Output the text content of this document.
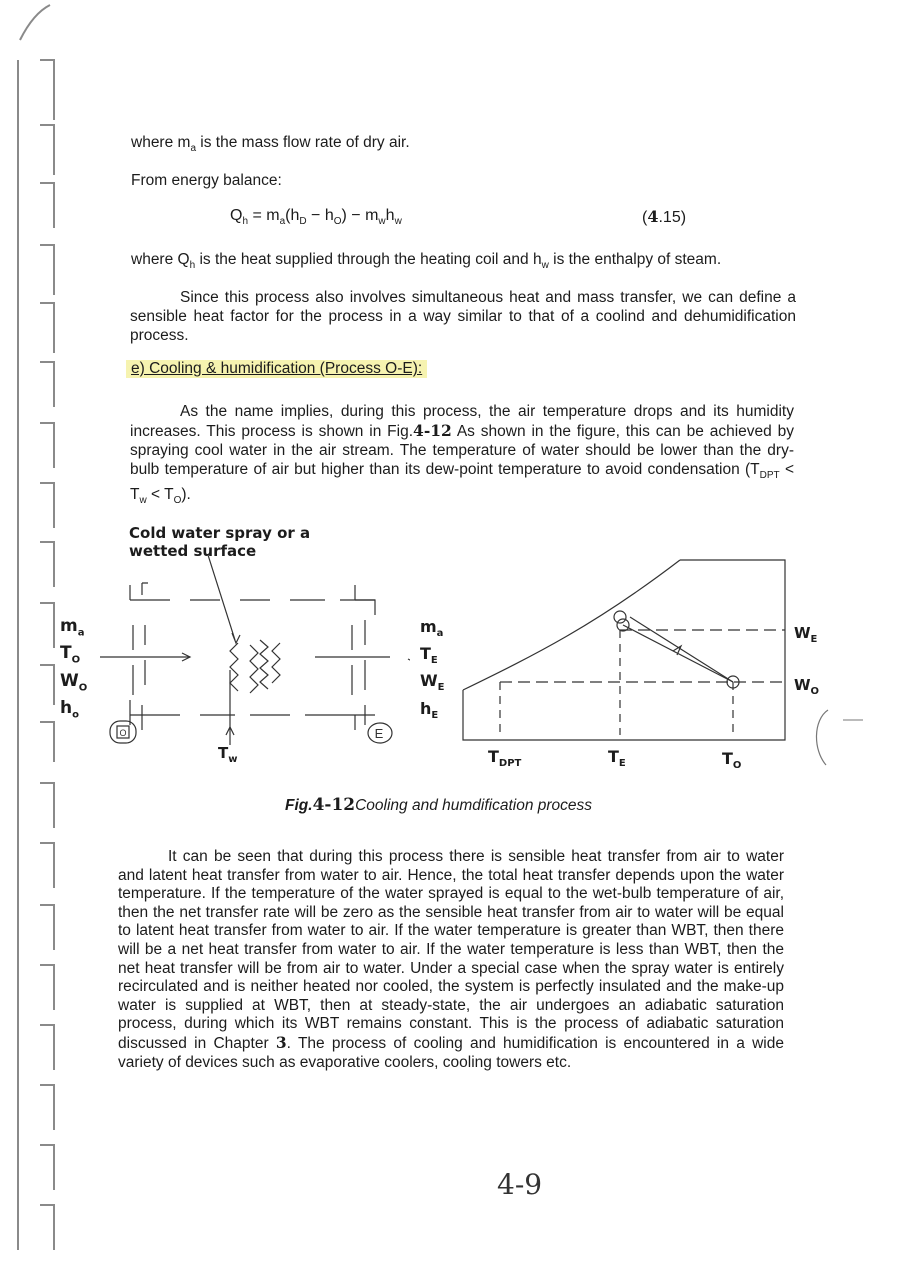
where $m_a$ is the mass flow rate of dry air.

From energy balance:

$Q_h = m_a(h_D - h_O) - m_wh_w$	(4.15)

where $Q_h$ is the heat supplied through the heating coil and $h_w$ is the enthalpy of steam.

Since this process also involves simultaneous heat and mass transfer, we can define a sensible heat factor for the process in a way similar to that of a coolind and dehumidification process.

e) Cooling & humidification (Process O-E):

As the name implies, during this process, the air temperature drops and its humidity increases. This process is shown in Fig.4-12 As shown in the figure, this can be achieved by spraying cool water in the air stream. The temperature of water should be lower than the dry-bulb temperature of air but higher than its dew-point temperature to avoid condensation $(T_{DPT} < T_w < T_O)$.

Cold water spray or a
wetted surface
E
O
$m_a$
$T_O$
$W_O$
$h_o$
$m_a$
$T_E$
$W_E$
$h_E$
$T_w$
$W_E$
$W_O$
$T_{DPT}$	$T_E$	$T_O$
Fig.4-12Cooling and humdification process

It can be seen that during this process there is sensible heat transfer from air to water and latent heat transfer from water to air. Hence, the total heat transfer depends upon the water temperature. If the temperature of the water sprayed is equal to the wet-bulb temperature of air, then the net transfer rate will be zero as the sensible heat transfer from air to water will be equal to latent heat transfer from water to air. If the water temperature is greater than WBT, then there will be a net heat transfer from water to air. If the water temperature is less than WBT, then the net heat transfer will be from air to water. Under a special case when the spray water is entirely recirculated and is neither heated nor cooled, the system is perfectly insulated and the make-up water is supplied at WBT, then at steady-state, the air undergoes an adiabatic saturation process, during which its WBT remains constant. This is the process of adiabatic saturation discussed in Chapter 3. The process of cooling and humidification is encountered in a wide variety of devices such as evaporative coolers, cooling towers etc.

4-9
